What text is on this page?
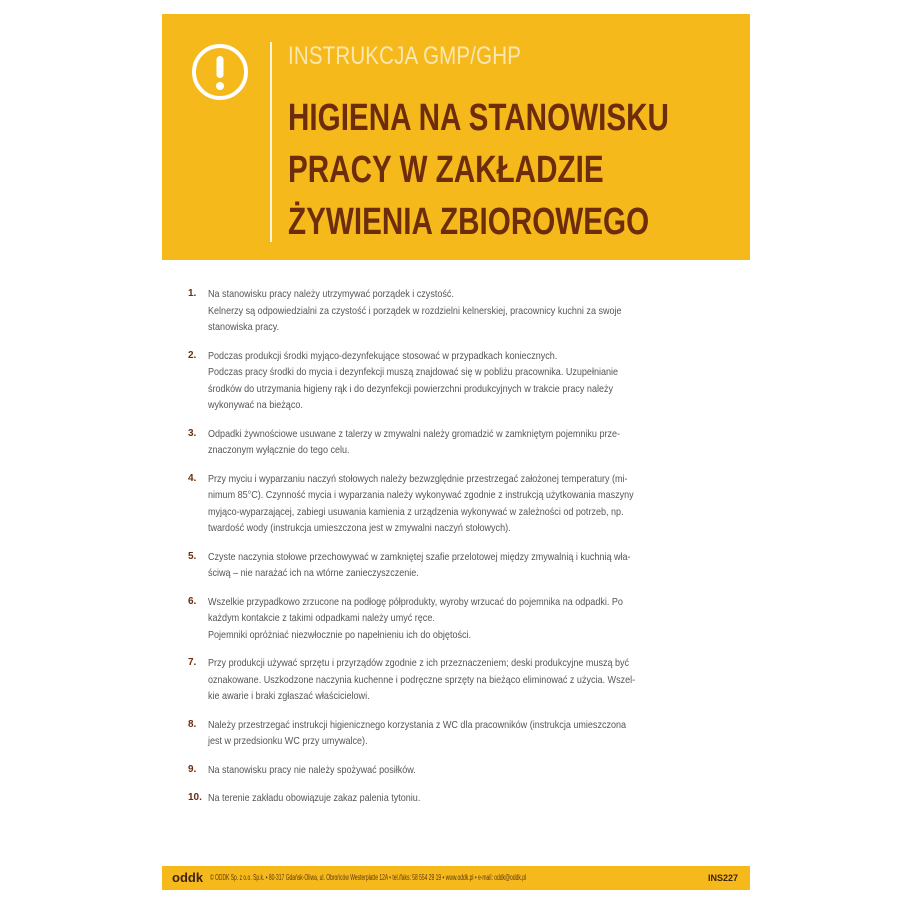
INSTRUKCJA GMP/GHP
HIGIENA NA STANOWISKU
PRACY W ZAKŁADZIE
ŻYWIENIA ZBIOROWEGO
1. Na stanowisku pracy należy utrzymywać porządek i czystość.
Kelnerzy są odpowiedzialni za czystość i porządek w rozdzielni kelnerskiej, pracownicy kuchni za swoje
stanowiska pracy.
2. Podczas produkcji środki myjąco-dezynfekujące stosować w przypadkach koniecznych.
Podczas pracy środki do mycia i dezynfekcji muszą znajdować się w pobliżu pracownika. Uzupełnianie
środków do utrzymania higieny rąk i do dezynfekcji powierzchni produkcyjnych w trakcie pracy należy
wykonywać na bieżąco.
3. Odpadki żywnościowe usuwane z talerzy w zmywalni należy gromadzić w zamkniętym pojemniku prze-
znaczonym wyłącznie do tego celu.
4. Przy myciu i wyparzaniu naczyń stołowych należy bezwzględnie przestrzegać założonej temperatury (mi-
nimum 85°C). Czynność mycia i wyparzania należy wykonywać zgodnie z instrukcją użytkowania maszyny
myjąco-wyparzającej, zabiegi usuwania kamienia z urządzenia wykonywać w zależności od potrzeb, np.
twardość wody (instrukcja umieszczona jest w zmywalni naczyń stołowych).
5. Czyste naczynia stołowe przechowywać w zamkniętej szafie przelotowej między zmywalnią i kuchnią wła-
ściwą – nie narażać ich na wtórne zanieczyszczenie.
6. Wszelkie przypadkowo zrzucone na podłogę półprodukty, wyroby wrzucać do pojemnika na odpadki. Po
każdym kontakcie z takimi odpadkami należy umyć ręce.
Pojemniki opróżniać niezwłocznie po napełnieniu ich do objętości.
7. Przy produkcji używać sprzętu i przyrządów zgodnie z ich przeznaczeniem; deski produkcyjne muszą być
oznakowane. Uszkodzone naczynia kuchenne i podręczne sprzęty na bieżąco eliminować z użycia. Wszel-
kie awarie i braki zgłaszać właścicielowi.
8. Należy przestrzegać instrukcji higienicznego korzystania z WC dla pracowników (instrukcja umieszczona
jest w przedsionku WC przy umywalce).
9. Na stanowisku pracy nie należy spożywać posiłków.
10. Na terenie zakładu obowiązuje zakaz palenia tytoniu.
oddk © ODDK Sp. z o.o. Sp.k. • 80-317 Gdańsk-Oliwa, ul. Obrońców Westerplatte 12A • tel./faks: 58 554 29 19 • www.oddk.pl • e-mail: oddk@oddk.pl	INS227
